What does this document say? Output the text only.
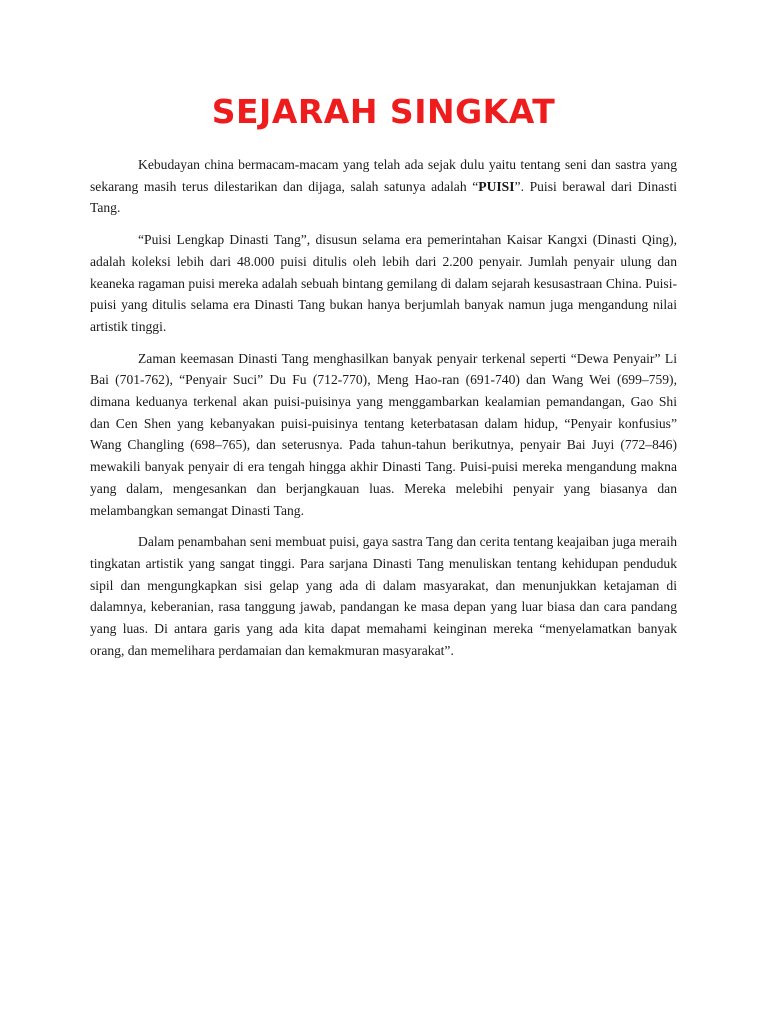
SEJARAH SINGKAT

Kebudayan china bermacam-macam yang telah ada sejak dulu yaitu tentang seni dan sastra yang sekarang masih terus dilestarikan dan dijaga, salah satunya adalah “PUISI”. Puisi berawal dari Dinasti Tang.

“Puisi Lengkap Dinasti Tang”, disusun selama era pemerintahan Kaisar Kangxi (Dinasti Qing), adalah koleksi lebih dari 48.000 puisi ditulis oleh lebih dari 2.200 penyair. Jumlah penyair ulung dan keaneka ragaman puisi mereka adalah sebuah bintang gemilang di dalam sejarah kesusastraan China. Puisi-puisi yang ditulis selama era Dinasti Tang bukan hanya berjumlah banyak namun juga mengandung nilai artistik tinggi.

Zaman keemasan Dinasti Tang menghasilkan banyak penyair terkenal seperti “Dewa Penyair” Li Bai (701-762), “Penyair Suci” Du Fu (712-770), Meng Hao-ran (691-740) dan Wang Wei (699–759), dimana keduanya terkenal akan puisi-puisinya yang menggambarkan kealamian pemandangan, Gao Shi dan Cen Shen yang kebanyakan puisi-puisinya tentang keterbatasan dalam hidup, “Penyair konfusius” Wang Changling (698–765), dan seterusnya. Pada tahun-tahun berikutnya, penyair Bai Juyi (772–846) mewakili banyak penyair di era tengah hingga akhir Dinasti Tang. Puisi-puisi mereka mengandung makna yang dalam, mengesankan dan berjangkauan luas. Mereka melebihi penyair yang biasanya dan melambangkan semangat Dinasti Tang.

Dalam penambahan seni membuat puisi, gaya sastra Tang dan cerita tentang keajaiban juga meraih tingkatan artistik yang sangat tinggi. Para sarjana Dinasti Tang menuliskan tentang kehidupan penduduk sipil dan mengungkapkan sisi gelap yang ada di dalam masyarakat, dan menunjukkan ketajaman di dalamnya, keberanian, rasa tanggung jawab, pandangan ke masa depan yang luar biasa dan cara pandang yang luas. Di antara garis yang ada kita dapat memahami keinginan mereka “menyelamatkan banyak orang, dan memelihara perdamaian dan kemakmuran masyarakat”.
